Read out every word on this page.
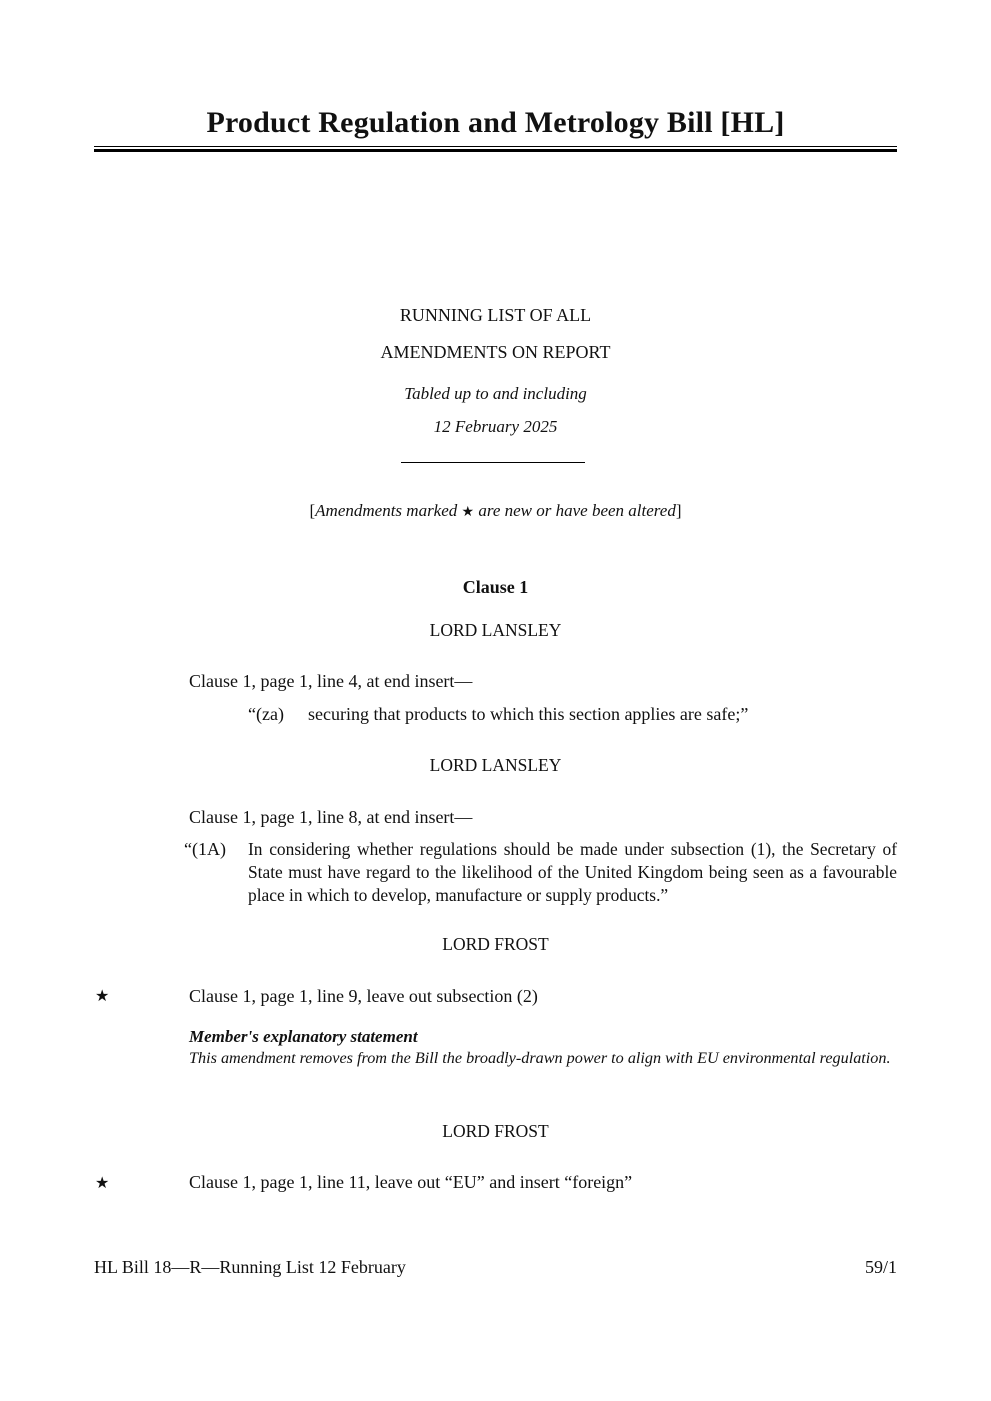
Product Regulation and Metrology Bill [HL]
RUNNING LIST OF ALL
AMENDMENTS ON REPORT
Tabled up to and including
12 February 2025
[Amendments marked ★ are new or have been altered]
Clause 1
LORD LANSLEY
Clause 1, page 1, line 4, at end insert—
“(za) securing that products to which this section applies are safe;”
LORD LANSLEY
Clause 1, page 1, line 8, at end insert—
“(1A) In considering whether regulations should be made under subsection (1), the Secretary of State must have regard to the likelihood of the United Kingdom being seen as a favourable place in which to develop, manufacture or supply products.”
LORD FROST
★	Clause 1, page 1, line 9, leave out subsection (2)
Member's explanatory statement
This amendment removes from the Bill the broadly-drawn power to align with EU environmental regulation.
LORD FROST
★	Clause 1, page 1, line 11, leave out “EU” and insert “foreign”
HL Bill 18—R—Running List 12 February	59/1
